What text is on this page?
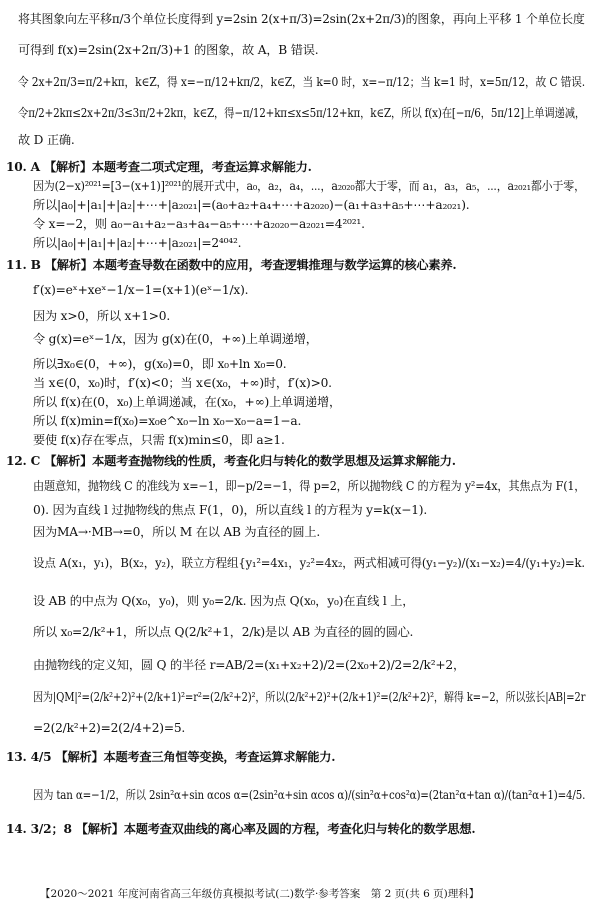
将其图象向左平移π/3个单位长度得到 y=2sin 2(x+π/3)=2sin(2x+2π/3)的图象，再向上平移 1 个单位长度
可得到 f(x)=2sin(2x+2π/3)+1 的图象，故 A，B 错误.
令 2x+2π/3=π/2+kπ，k∈Z，得 x=−π/12+kπ/2，k∈Z，当 k=0 时，x=−π/12；当 k=1 时，x=5π/12，故 C 错误.
令π/2+2kπ≤2x+2π/3≤3π/2+2kπ，k∈Z，得−π/12+kπ≤x≤5π/12+kπ，k∈Z，所以 f(x)在[−π/6，5π/12]上单调递减，
故 D 正确.
10. A 【解析】本题考查二项式定理，考查运算求解能力.
因为(2−x)²⁰²¹=[3−(x+1)]²⁰²¹的展开式中，a₀，a₂，a₄，⋯，a₂₀₂₀都大于零，而 a₁，a₃，a₅，⋯，a₂₀₂₁都小于零，
所以|a₀|+|a₁|+|a₂|+⋯+|a₂₀₂₁|=(a₀+a₂+a₄+⋯+a₂₀₂₀)−(a₁+a₃+a₅+⋯+a₂₀₂₁).
令 x=−2，则 a₀−a₁+a₂−a₃+a₄−a₅+⋯+a₂₀₂₀−a₂₀₂₁=4²⁰²¹.
所以|a₀|+|a₁|+|a₂|+⋯+|a₂₀₂₁|=2⁴⁰⁴².
11. B 【解析】本题考查导数在函数中的应用，考查逻辑推理与数学运算的核心素养.
f′(x)=eˣ+xeˣ−1/x−1=(x+1)(eˣ−1/x).
因为 x>0，所以 x+1>0.
令 g(x)=eˣ−1/x，因为 g(x)在(0，+∞)上单调递增，
所以∃x₀∈(0，+∞)，g(x₀)=0，即 x₀+ln x₀=0.
当 x∈(0，x₀)时，f′(x)<0；当 x∈(x₀，+∞)时，f′(x)>0.
所以 f(x)在(0，x₀)上单调递减，在(x₀，+∞)上单调递增，
所以 f(x)min=f(x₀)=x₀e^x₀−ln x₀−x₀−a=1−a.
要使 f(x)存在零点，只需 f(x)min≤0，即 a≥1.
12. C 【解析】本题考查抛物线的性质，考查化归与转化的数学思想及运算求解能力.
由题意知，抛物线 C 的准线为 x=−1，即−p/2=−1，得 p=2，所以抛物线 C 的方程为 y²=4x，其焦点为 F(1，
0). 因为直线 l 过抛物线的焦点 F(1，0)，所以直线 l 的方程为 y=k(x−1).
因为MA→·MB→=0，所以 M 在以 AB 为直径的圆上.
设点 A(x₁，y₁)，B(x₂，y₂)，联立方程组{y₁²=4x₁，y₂²=4x₂，两式相减可得(y₁−y₂)/(x₁−x₂)=4/(y₁+y₂)=k.
设 AB 的中点为 Q(x₀，y₀)，则 y₀=2/k. 因为点 Q(x₀，y₀)在直线 l 上，
所以 x₀=2/k²+1，所以点 Q(2/k²+1，2/k)是以 AB 为直径的圆的圆心.
由抛物线的定义知，圆 Q 的半径 r=AB/2=(x₁+x₂+2)/2=(2x₀+2)/2=2/k²+2，
因为|QM|²=(2/k²+2)²+(2/k+1)²=r²=(2/k²+2)²，所以(2/k²+2)²+(2/k+1)²=(2/k²+2)²，解得 k=−2，所以弦长|AB|=2r
=2(2/k²+2)=2(2/4+2)=5.
13. 4/5 【解析】本题考查三角恒等变换，考查运算求解能力.
因为 tan α=−1/2，所以 2sin²α+sin αcos α=(2sin²α+sin αcos α)/(sin²α+cos²α)=(2tan²α+tan α)/(tan²α+1)=4/5.
14. 3/2；8 【解析】本题考查双曲线的离心率及圆的方程，考查化归与转化的数学思想.
【2020～2021 年度河南省高三年级仿真模拟考试(二)数学·参考答案　第 2 页(共 6 页)理科】
